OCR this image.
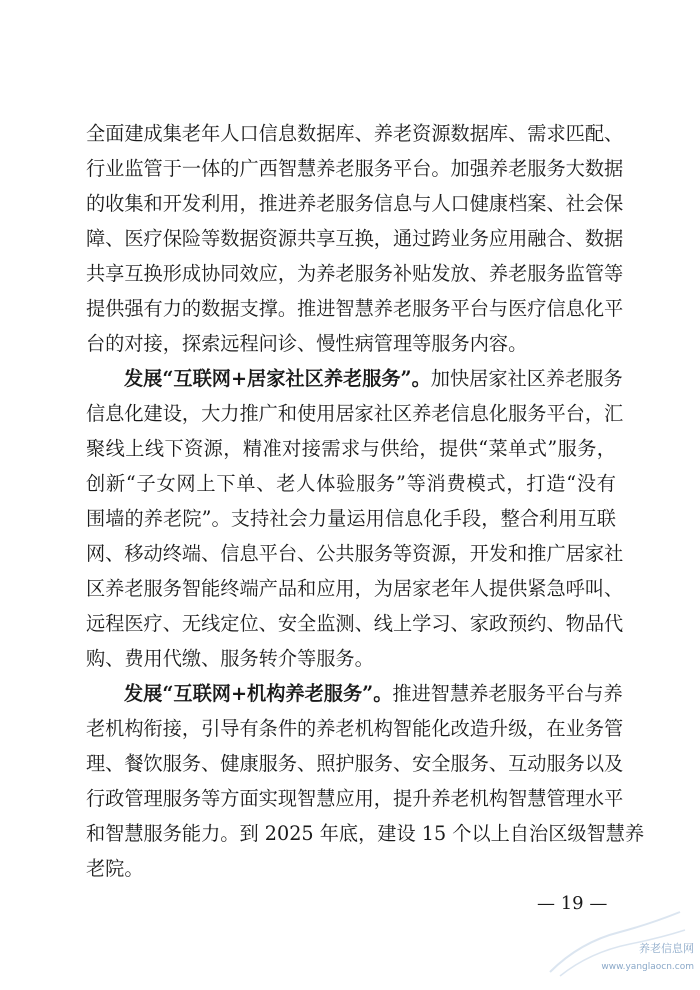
全面建成集老年人口信息数据库、养老资源数据库、需求匹配、
行业监管于一体的广西智慧养老服务平台。加强养老服务大数据
的收集和开发利用，推进养老服务信息与人口健康档案、社会保
障、医疗保险等数据资源共享互换，通过跨业务应用融合、数据
共享互换形成协同效应，为养老服务补贴发放、养老服务监管等
提供强有力的数据支撑。推进智慧养老服务平台与医疗信息化平
台的对接，探索远程问诊、慢性病管理等服务内容。
发展“互联网+居家社区养老服务”。加快居家社区养老服务
信息化建设，大力推广和使用居家社区养老信息化服务平台，汇
聚线上线下资源，精准对接需求与供给，提供“菜单式”服务，
创新“子女网上下单、老人体验服务”等消费模式，打造“没有
围墙的养老院”。支持社会力量运用信息化手段，整合利用互联
网、移动终端、信息平台、公共服务等资源，开发和推广居家社
区养老服务智能终端产品和应用，为居家老年人提供紧急呼叫、
远程医疗、无线定位、安全监测、线上学习、家政预约、物品代
购、费用代缴、服务转介等服务。
发展“互联网+机构养老服务”。推进智慧养老服务平台与养
老机构衔接，引导有条件的养老机构智能化改造升级，在业务管
理、餐饮服务、健康服务、照护服务、安全服务、互动服务以及
行政管理服务等方面实现智慧应用，提升养老机构智慧管理水平
和智慧服务能力。到 2025 年底，建设 15 个以上自治区级智慧养
老院。
— 19 —
养老信息网
www.yanglaocn.com
